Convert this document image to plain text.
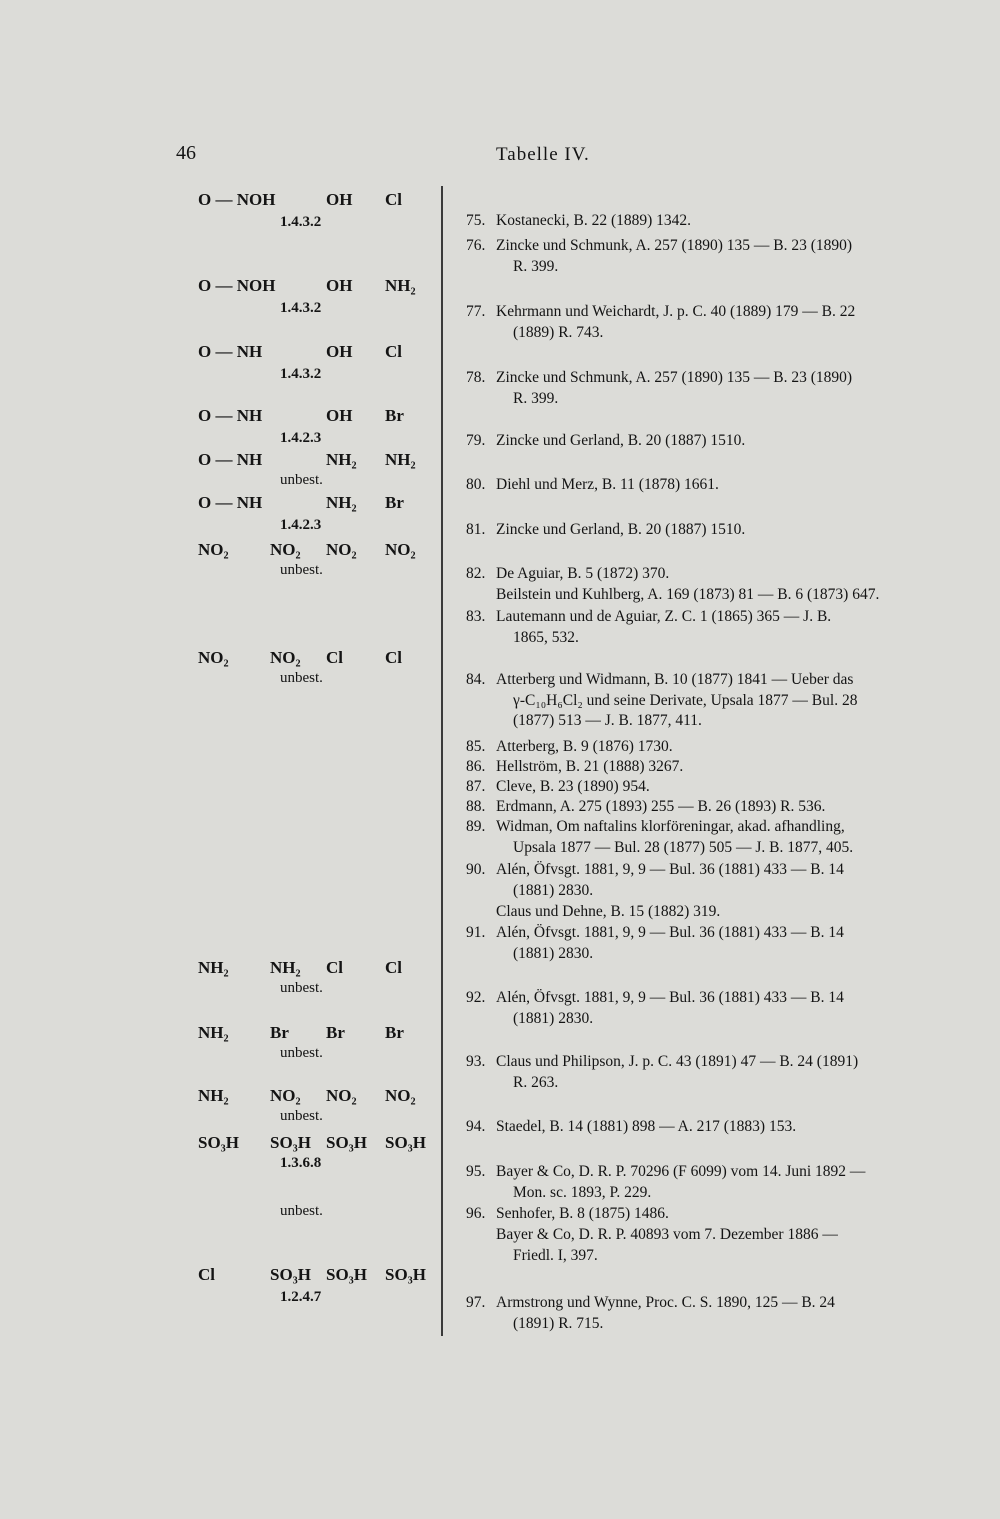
46	Tabelle IV.
O — NOH	OH Cl
1.4.3.2
O — NOH	OH NH₂
1.4.3.2
O — NH	OH Cl
1.4.3.2
O — NH	OH Br
1.4.2.3
O — NH	NH₂ NH₂
unbest.
O — NH	NH₂ Br
1.4.2.3
NO₂ NO₂ NO₂ NO₂
unbest.
NO₂ NO₂ Cl Cl
unbest.
NH₂ NH₂ Cl Cl
unbest.
NH₂ Br Br Br
unbest.
NH₂ NO₂ NO₂ NO₂
unbest.
SO₃H SO₃H SO₃H SO₃H
1.3.6.8
unbest.
Cl	SO₃H SO₃H SO₃H
1.2.4.7
75. Kostanecki, B. 22 (1889) 1342.
76. Zincke und Schmunk, A. 257 (1890) 135 — B. 23 (1890)
R. 399.
77. Kehrmann und Weichardt, J. p. C. 40 (1889) 179 — B. 22
(1889) R. 743.
78. Zincke und Schmunk, A. 257 (1890) 135 — B. 23 (1890)
R. 399.
79. Zincke und Gerland, B. 20 (1887) 1510.
80. Diehl und Merz, B. 11 (1878) 1661.
81. Zincke und Gerland, B. 20 (1887) 1510.
82. De Aguiar, B. 5 (1872) 370.
Beilstein und Kuhlberg, A. 169 (1873) 81 — B. 6 (1873) 647.
83. Lautemann und de Aguiar, Z. C. 1 (1865) 365 — J. B.
1865, 532.
84. Atterberg und Widmann, B. 10 (1877) 1841 — Ueber das
γ-C₁₀H₆Cl₂ und seine Derivate, Upsala 1877 — Bul. 28
(1877) 513 — J. B. 1877, 411.
85. Atterberg, B. 9 (1876) 1730.
86. Hellström, B. 21 (1888) 3267.
87. Cleve, B. 23 (1890) 954.
88. Erdmann, A. 275 (1893) 255 — B. 26 (1893) R. 536.
89. Widman, Om naftalins klorföreningar, akad. afhandling,
Upsala 1877 — Bul. 28 (1877) 505 — J. B. 1877, 405.
90. Alén, Öfvsgt. 1881, 9, 9 — Bul. 36 (1881) 433 — B. 14
(1881) 2830.
Claus und Dehne, B. 15 (1882) 319.
91. Alén, Öfvsgt. 1881, 9, 9 — Bul. 36 (1881) 433 — B. 14
(1881) 2830.
92. Alén, Öfvsgt. 1881, 9, 9 — Bul. 36 (1881) 433 — B. 14
(1881) 2830.
93. Claus und Philipson, J. p. C. 43 (1891) 47 — B. 24 (1891)
R. 263.
94. Staedel, B. 14 (1881) 898 — A. 217 (1883) 153.
95. Bayer & Co, D. R. P. 70296 (F 6099) vom 14. Juni 1892 —
Mon. sc. 1893, P. 229.
96. Senhofer, B. 8 (1875) 1486.
Bayer & Co, D. R. P. 40893 vom 7. Dezember 1886 —
Friedl. I, 397.
97. Armstrong und Wynne, Proc. C. S. 1890, 125 — B. 24
(1891) R. 715.
